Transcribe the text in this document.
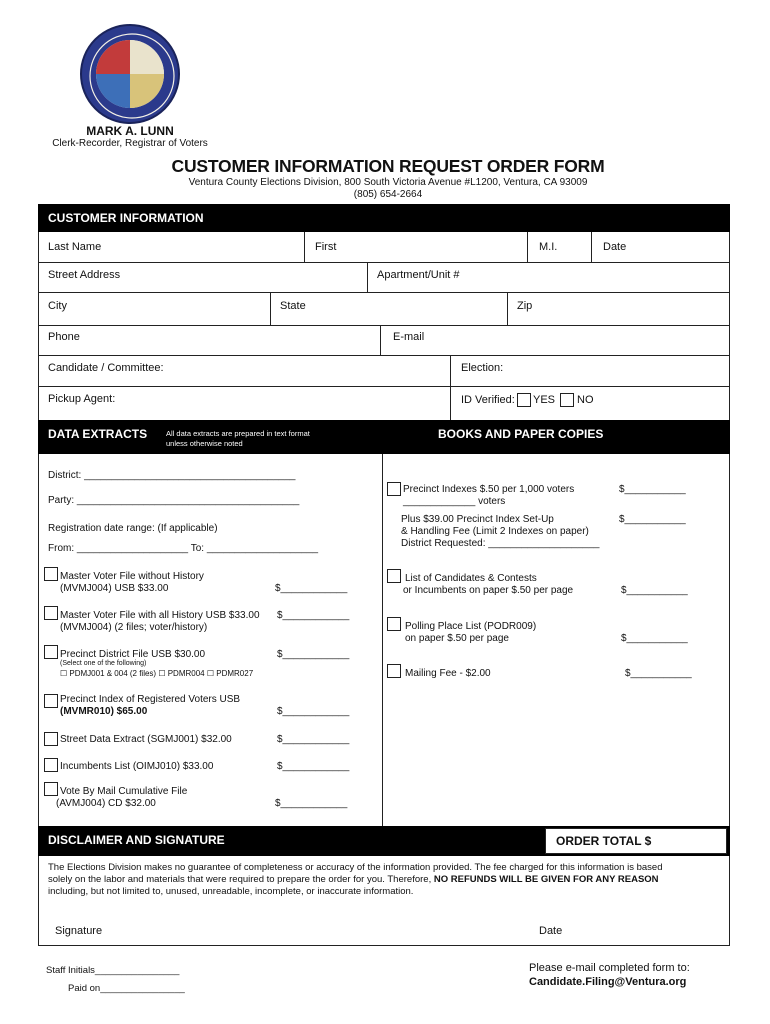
MARK A. LUNN
Clerk-Recorder, Registrar of Voters
CUSTOMER INFORMATION REQUEST ORDER FORM
Ventura County Elections Division, 800 South Victoria Avenue #L1200, Ventura, CA 93009
(805) 654-2664
CUSTOMER INFORMATION
Last Name	First	M.I.	Date
Street Address	Apartment/Unit #
City	State	Zip
Phone	E-mail
Candidate / Committee:	Election:
Pickup Agent:	ID Verified: YES NO
DATA EXTRACTS	All data extracts are prepared in text format
unless otherwise noted
BOOKS AND PAPER COPIES
District: ______________________________________
Party: ________________________________________
Registration date range: (If applicable)
From: ____________________ To: ____________________
Master Voter File without History
(MVMJ004) USB $33.00	$____________
Master Voter File with all History USB $33.00
(MVMJ004) (2 files; voter/history)
$____________
Precinct District File USB $30.00
(Select one of the following)
☐ PDMJ001 & 004 (2 files) ☐ PDMR004 ☐ PDMR027
$____________
Precinct Index of Registered Voters USB
(MVMR010) $65.00	$____________
Street Data Extract (SGMJ001) $32.00	$____________
Incumbents List (OIMJ010) $33.00	$____________
Vote By Mail Cumulative File
(AVMJ004) CD $32.00	$____________
Precinct Indexes $.50 per 1,000 voters
_____________ voters
$___________
Plus $39.00 Precinct Index Set-Up
& Handling Fee (Limit 2 Indexes on paper)
District Requested: ____________________
$___________
List of Candidates & Contests
or Incumbents on paper $.50 per page	$___________
Polling Place List (PODR009)
on paper $.50 per page	$___________
Mailing Fee - $2.00	$___________
DISCLAIMER AND SIGNATURE	ORDER TOTAL $
The Elections Division makes no guarantee of completeness or accuracy of the information provided. The fee charged for this information is based
solely on the labor and materials that were required to prepare the order for you. Therefore, NO REFUNDS WILL BE GIVEN FOR ANY REASON
including, but not limited to, unused, unreadable, incomplete, or inaccurate information.
Signature	Date
Staff Initials________________
Paid on________________
Please e-mail completed form to:
Candidate.Filing@Ventura.org
